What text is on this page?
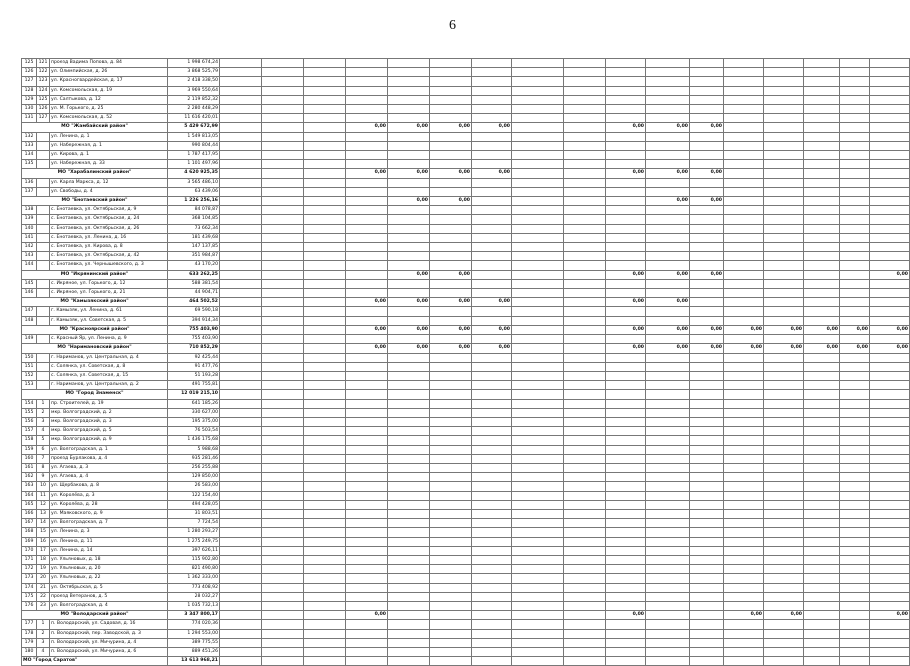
6
125	121	проезд Вадима Попова, д. 84	1 998 674,24																	
126	122	ул. Олимпийская, д. 26	3 868 525,79																	
127	123	ул. Красногвардейская, д. 17	2 418 338,50																	
128	124	ул. Комсомольская, д. 19	3 969 550,64																	
129	125	ул. Салтыкова, д. 12	2 119 852,32																	
130	126	ул. М. Горького, д. 25	2 280 448,29																	
131	127	ул. Комсомольская, д. 52	11 616 420,01																	
МО "Жамбайский район"			5 429 672,99				0,00	0,00	0,00	0,00			0,00	0,00	0,00					
132		ул. Ленина, д. 1	1 549 813,05																	
133		ул. Набережная, д. 1	990 804,44																	
134		ул. Кирова, д. 1	1 787 417,95																	
135		ул. Набережная, д. 33	1 101 497,96																	
МО "Харабалинский район"			4 620 925,35				0,00	0,00	0,00	0,00			0,00	0,00	0,00					
136		ул. Карла Маркса, д. 12	3 565 486,10																	
137		ул. Свободы, д. 4	63 439,06																	
МО "Енотаевский район"			1 226 256,16					0,00	0,00					0,00	0,00					
138		с. Енотаевка, ул. Октябрьская, д. 9	84 078,87																	
139		с. Енотаевка, ул. Октябрьская, д. 24	368 104,85																	
140		с. Енотаевка, ул. Октябрьская, д. 26	73 662,34																	
141		с. Енотаевка, ул. Ленина, д. 16	181 439,68																	
142		с. Енотаевка, ул. Кирова, д. 8	147 137,85																	
143		с. Енотаевка, ул. Октябрьская, д. 42	351 984,87																	
144		с. Енотаевка, ул. Чернышевского, д. 3	43 170,20																	
МО "Икрянинский район"			633 262,25					0,00	0,00				0,00	0,00	0,00					0,00
145		с. Икряное, ул. Горького, д. 12	588 381,54																	
146		с. Икряное, ул. Горького, д. 21	44 904,71																	
МО "Камызякский район"			464 502,52				0,00	0,00	0,00	0,00			0,00	0,00						
147		г. Камызяк, ул. Ленина, д. 61	69 590,18																	
148		г. Камызяк, ул. Советская, д. 5	394 914,34																	
МО "Красноярский район"			755 403,90				0,00	0,00	0,00	0,00			0,00	0,00	0,00	0,00	0,00	0,00	0,00	0,00
149		с. Красный Яр, ул. Ленина, д. 9	755 403,90																	
МО "Наримановский район"			710 852,29				0,00	0,00	0,00	0,00			0,00	0,00	0,00	0,00	0,00	0,00	0,00	0,00
150		г. Нариманов, ул. Центральная, д. 4	92 425,44																	
151		с. Солянка, ул. Советская, д. 8	91 477,76																	
152		с. Солянка, ул. Советская, д. 15	51 193,28																	
153		г. Нариманов, ул. Центральная, д. 2	491 755,81																	
МО "Город Знаменск"			12 019 215,10																	
154	1	пр. Строителей, д. 19	641 185,26																	
155	2	мкр. Волгоградский, д. 2	330 627,00																	
156	3	мкр. Волгоградский, д. 3	195 375,00																	
157	4	мкр. Волгоградский, д. 5	76 503,54																	
158	5	мкр. Волгоградский, д. 9	1 436 175,68																	
159	6	ул. Волгоградская, д. 1	5 988,68																	
160	7	проезд Бурлакова, д. 4	935 281,46																	
161	8	ул. Агаева, д. 3	256 255,88																	
162	9	ул. Агаева, д. 4	129 850,00																	
163	10	ул. Щербакова, д. 8	26 583,00																	
164	11	ул. Королёва, д. 3	122 154,40																	
165	12	ул. Королёва, д. 28	494 428,05																	
166	13	ул. Маяковского, д. 9	31 803,51																	
167	14	ул. Волгоградская, д. 7	7 724,54																	
168	15	ул. Ленина, д. 3	1 280 293,27																	
169	16	ул. Ленина, д. 11	1 275 249,75																	
170	17	ул. Ленина, д. 14	397 626,11																	
171	18	ул. Ульяновых, д. 18	115 902,80																	
172	19	ул. Ульяновых, д. 20	821 490,80																	
173	20	ул. Ульяновых, д. 22	1 362 333,00																	
174	21	ул. Октябрьская, д. 5	773 408,92																	
175	22	проезд Ветеранов, д. 5	28 032,27																	
176	23	ул. Волгоградская, д. 4	1 035 732,13																	
МО "Володарский район"			3 347 800,17				0,00						0,00			0,00	0,00			0,00
177	1	п. Володарский, ул. Садовая, д. 16	774 020,36																	
178	2	п. Володарский, пер. Заводской, д. 3	1 294 553,00																	
179	3	п. Володарский, ул. Мичурина, д. 4	389 775,55																	
180	4	п. Володарский, ул. Мичурина, д. 6	889 451,26																	
МО "Город Саратов"			13 613 968,21																	
